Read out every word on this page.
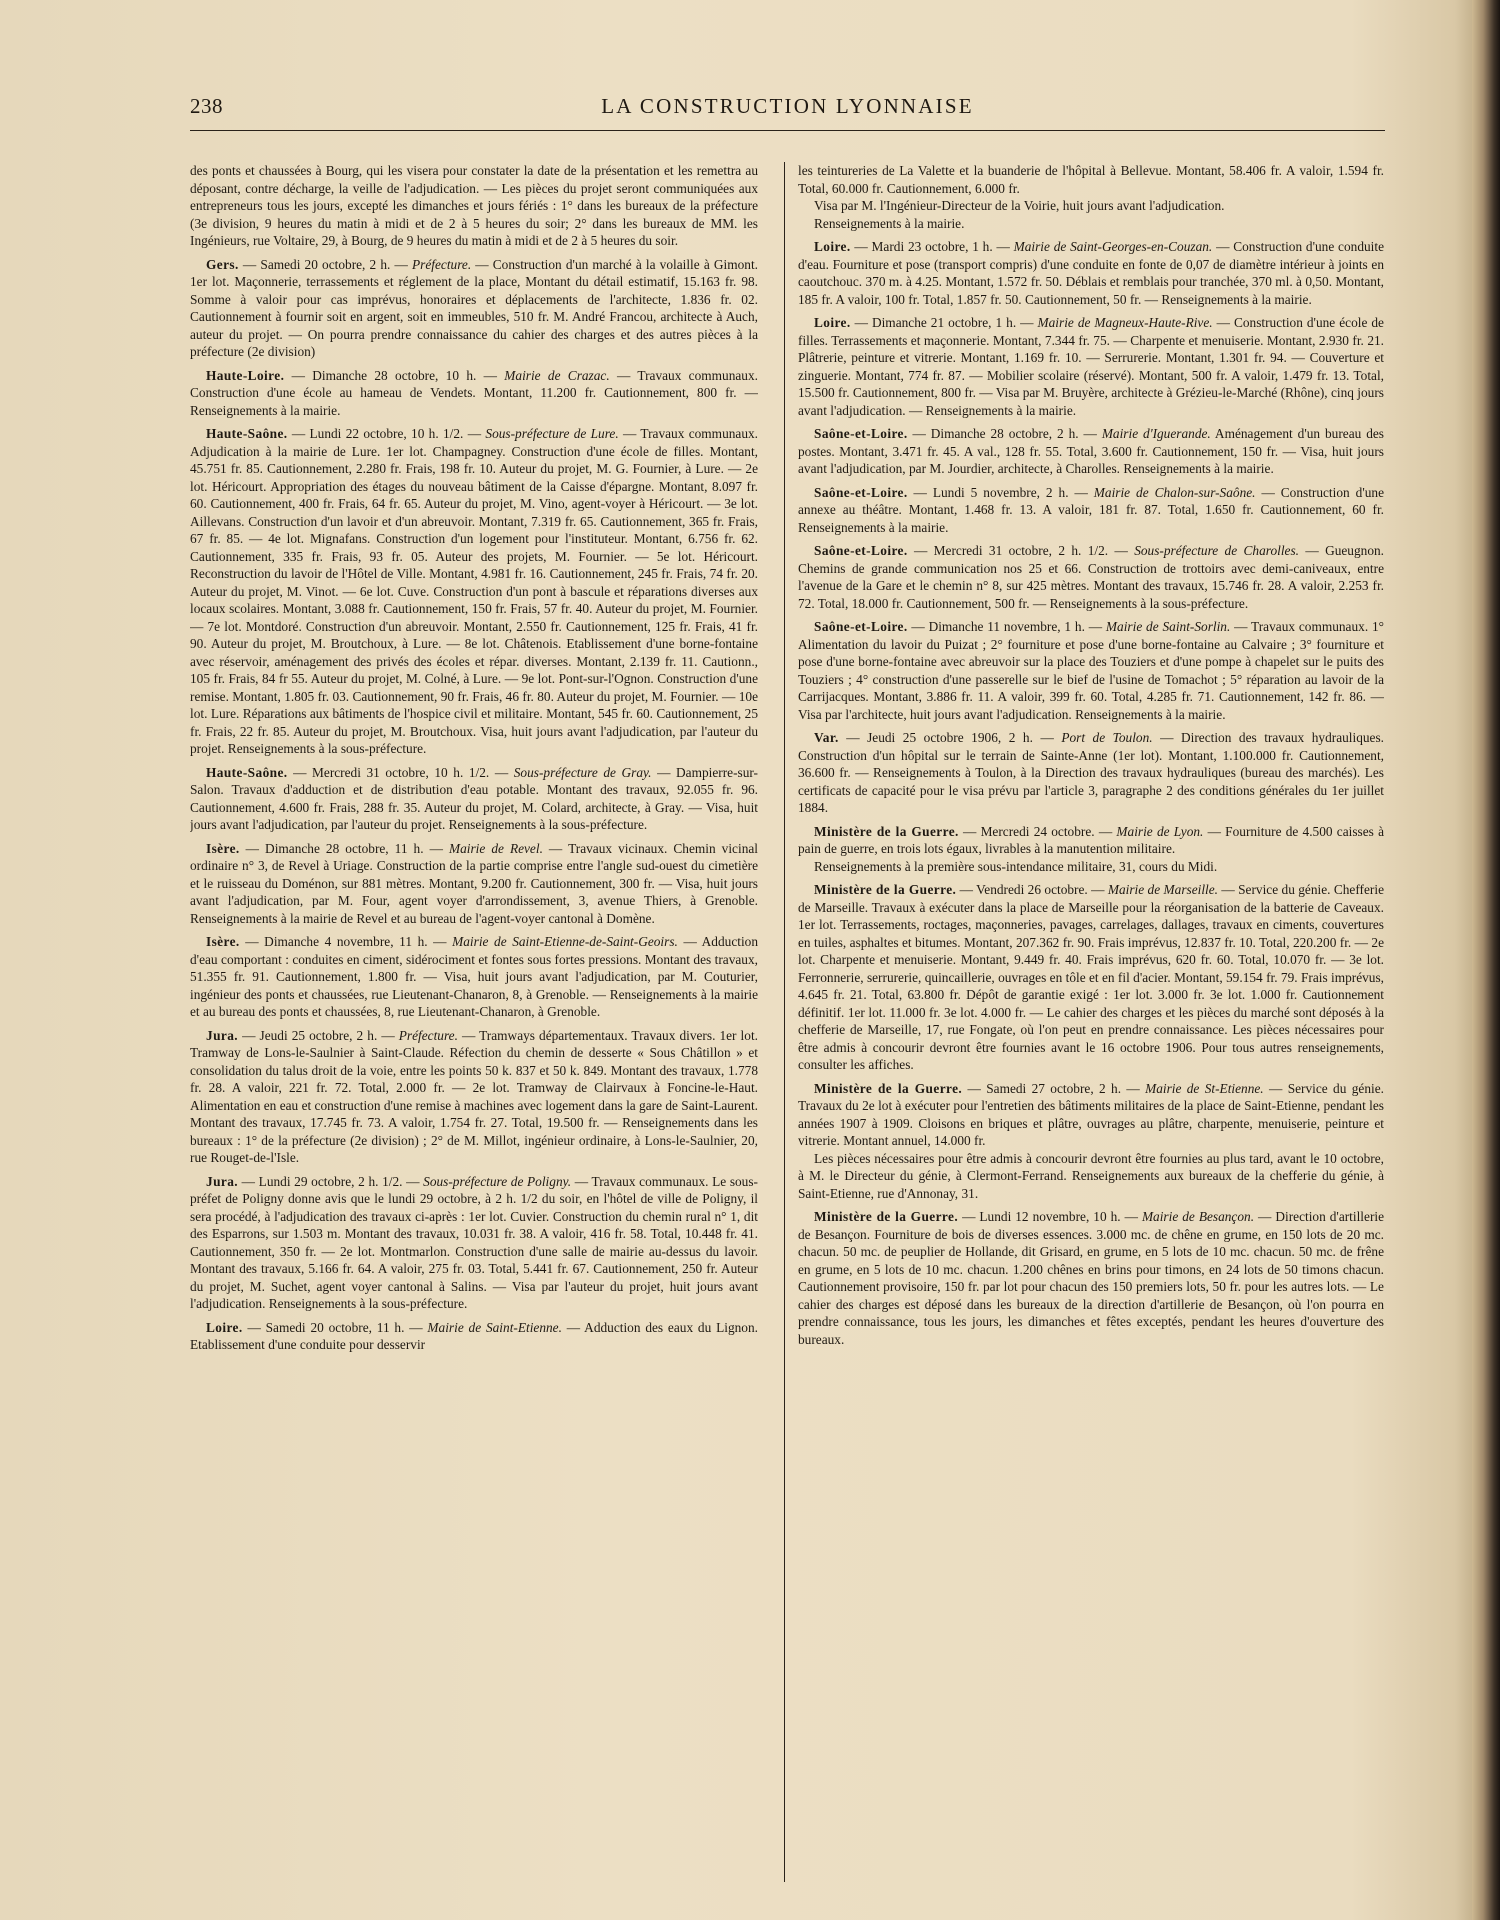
238	LA CONSTRUCTION LYONNAISE

des ponts et chaussées à Bourg, qui les visera pour constater la date de la présentation et les remettra au déposant, contre décharge, la veille de l'adjudication. — Les pièces du projet seront communiquées aux entrepreneurs tous les jours, excepté les dimanches et jours fériés : 1° dans les bureaux de la préfecture (3e division, 9 heures du matin à midi et de 2 à 5 heures du soir; 2° dans les bureaux de MM. les Ingénieurs, rue Voltaire, 29, à Bourg, de 9 heures du matin à midi et de 2 à 5 heures du soir.

Gers. — Samedi 20 octobre, 2 h. — Préfecture. — Construction d'un marché à la volaille à Gimont. 1er lot. Maçonnerie, terrassements et réglement de la place, Montant du détail estimatif, 15.163 fr. 98. Somme à valoir pour cas imprévus, honoraires et déplacements de l'architecte, 1.836 fr. 02. Cautionnement à fournir soit en argent, soit en immeubles, 510 fr. M. André Francou, architecte à Auch, auteur du projet. — On pourra prendre connaissance du cahier des charges et des autres pièces à la préfecture (2e division)

Haute-Loire. — Dimanche 28 octobre, 10 h. — Mairie de Crazac. — Travaux communaux. Construction d'une école au hameau de Vendets. Montant, 11.200 fr. Cautionnement, 800 fr. — Renseignements à la mairie.

Haute-Saône. — Lundi 22 octobre, 10 h. 1/2. — Sous-préfecture de Lure. — Travaux communaux. Adjudication à la mairie de Lure. 1er lot. Champagney. Construction d'une école de filles. Montant, 45.751 fr. 85. Cautionnement, 2.280 fr. Frais, 198 fr. 10. Auteur du projet, M. G. Fournier, à Lure. — 2e lot. Héricourt. Appropriation des étages du nouveau bâtiment de la Caisse d'épargne. Montant, 8.097 fr. 60. Cautionnement, 400 fr. Frais, 64 fr. 65. Auteur du projet, M. Vino, agent-voyer à Héricourt. — 3e lot. Aillevans. Construction d'un lavoir et d'un abreuvoir. Montant, 7.319 fr. 65. Cautionnement, 365 fr. Frais, 67 fr. 85. — 4e lot. Mignafans. Construction d'un logement pour l'instituteur. Montant, 6.756 fr. 62. Cautionnement, 335 fr. Frais, 93 fr. 05. Auteur des projets, M. Fournier. — 5e lot. Héricourt. Reconstruction du lavoir de l'Hôtel de Ville. Montant, 4.981 fr. 16. Cautionnement, 245 fr. Frais, 74 fr. 20. Auteur du projet, M. Vinot. — 6e lot. Cuve. Construction d'un pont à bascule et réparations diverses aux locaux scolaires. Montant, 3.088 fr. Cautionnement, 150 fr. Frais, 57 fr. 40. Auteur du projet, M. Fournier. — 7e lot. Montdoré. Construction d'un abreuvoir. Montant, 2.550 fr. Cautionnement, 125 fr. Frais, 41 fr. 90. Auteur du projet, M. Broutchoux, à Lure. — 8e lot. Châtenois. Etablissement d'une borne-fontaine avec réservoir, aménagement des privés des écoles et répar. diverses. Montant, 2.139 fr. 11. Cautionn., 105 fr. Frais, 84 fr 55. Auteur du projet, M. Colné, à Lure. — 9e lot. Pont-sur-l'Ognon. Construction d'une remise. Montant, 1.805 fr. 03. Cautionnement, 90 fr. Frais, 46 fr. 80. Auteur du projet, M. Fournier. — 10e lot. Lure. Réparations aux bâtiments de l'hospice civil et militaire. Montant, 545 fr. 60. Cautionnement, 25 fr. Frais, 22 fr. 85. Auteur du projet, M. Broutchoux. Visa, huit jours avant l'adjudication, par l'auteur du projet. Renseignements à la sous-préfecture.

Haute-Saône. — Mercredi 31 octobre, 10 h. 1/2. — Sous-préfecture de Gray. — Dampierre-sur-Salon. Travaux d'adduction et de distribution d'eau potable. Montant des travaux, 92.055 fr. 96. Cautionnement, 4.600 fr. Frais, 288 fr. 35. Auteur du projet, M. Colard, architecte, à Gray. — Visa, huit jours avant l'adjudication, par l'auteur du projet. Renseignements à la sous-préfecture.

Isère. — Dimanche 28 octobre, 11 h. — Mairie de Revel. — Travaux vicinaux. Chemin vicinal ordinaire n° 3, de Revel à Uriage. Construction de la partie comprise entre l'angle sud-ouest du cimetière et le ruisseau du Doménon, sur 881 mètres. Montant, 9.200 fr. Cautionnement, 300 fr. — Visa, huit jours avant l'adjudication, par M. Four, agent voyer d'arrondissement, 3, avenue Thiers, à Grenoble. Renseignements à la mairie de Revel et au bureau de l'agent-voyer cantonal à Domène.

Isère. — Dimanche 4 novembre, 11 h. — Mairie de Saint-Etienne-de-Saint-Geoirs. — Adduction d'eau comportant : conduites en ciment, sidérociment et fontes sous fortes pressions. Montant des travaux, 51.355 fr. 91. Cautionnement, 1.800 fr. — Visa, huit jours avant l'adjudication, par M. Couturier, ingénieur des ponts et chaussées, rue Lieutenant-Chanaron, 8, à Grenoble. — Renseignements à la mairie et au bureau des ponts et chaussées, 8, rue Lieutenant-Chanaron, à Grenoble.

Jura. — Jeudi 25 octobre, 2 h. — Préfecture. — Tramways départementaux. Travaux divers. 1er lot. Tramway de Lons-le-Saulnier à Saint-Claude. Réfection du chemin de desserte « Sous Châtillon » et consolidation du talus droit de la voie, entre les points 50 k. 837 et 50 k. 849. Montant des travaux, 1.778 fr. 28. A valoir, 221 fr. 72. Total, 2.000 fr. — 2e lot. Tramway de Clairvaux à Foncine-le-Haut. Alimentation en eau et construction d'une remise à machines avec logement dans la gare de Saint-Laurent. Montant des travaux, 17.745 fr. 73. A valoir, 1.754 fr. 27. Total, 19.500 fr. — Renseignements dans les bureaux : 1° de la préfecture (2e division) ; 2° de M. Millot, ingénieur ordinaire, à Lons-le-Saulnier, 20, rue Rouget-de-l'Isle.

Jura. — Lundi 29 octobre, 2 h. 1/2. — Sous-préfecture de Poligny. — Travaux communaux. Le sous-préfet de Poligny donne avis que le lundi 29 octobre, à 2 h. 1/2 du soir, en l'hôtel de ville de Poligny, il sera procédé, à l'adjudication des travaux ci-après : 1er lot. Cuvier. Construction du chemin rural n° 1, dit des Esparrons, sur 1.503 m. Montant des travaux, 10.031 fr. 38. A valoir, 416 fr. 58. Total, 10.448 fr. 41. Cautionnement, 350 fr. — 2e lot. Montmarlon. Construction d'une salle de mairie au-dessus du lavoir. Montant des travaux, 5.166 fr. 64. A valoir, 275 fr. 03. Total, 5.441 fr. 67. Cautionnement, 250 fr. Auteur du projet, M. Suchet, agent voyer cantonal à Salins. — Visa par l'auteur du projet, huit jours avant l'adjudication. Renseignements à la sous-préfecture.

Loire. — Samedi 20 octobre, 11 h. — Mairie de Saint-Etienne. — Adduction des eaux du Lignon. Etablissement d'une conduite pour desservir

les teintureries de La Valette et la buanderie de l'hôpital à Bellevue. Montant, 58.406 fr. A valoir, 1.594 fr. Total, 60.000 fr. Cautionnement, 6.000 fr.

Visa par M. l'Ingénieur-Directeur de la Voirie, huit jours avant l'adjudication.

Renseignements à la mairie.

Loire. — Mardi 23 octobre, 1 h. — Mairie de Saint-Georges-en-Couzan. — Construction d'une conduite d'eau. Fourniture et pose (transport compris) d'une conduite en fonte de 0,07 de diamètre intérieur à joints en caoutchouc. 370 m. à 4.25. Montant, 1.572 fr. 50. Déblais et remblais pour tranchée, 370 ml. à 0,50. Montant, 185 fr. A valoir, 100 fr. Total, 1.857 fr. 50. Cautionnement, 50 fr. — Renseignements à la mairie.

Loire. — Dimanche 21 octobre, 1 h. — Mairie de Magneux-Haute-Rive. — Construction d'une école de filles. Terrassements et maçonnerie. Montant, 7.344 fr. 75. — Charpente et menuiserie. Montant, 2.930 fr. 21. Plâtrerie, peinture et vitrerie. Montant, 1.169 fr. 10. — Serrurerie. Montant, 1.301 fr. 94. — Couverture et zinguerie. Montant, 774 fr. 87. — Mobilier scolaire (réservé). Montant, 500 fr. A valoir, 1.479 fr. 13. Total, 15.500 fr. Cautionnement, 800 fr. — Visa par M. Bruyère, architecte à Grézieu-le-Marché (Rhône), cinq jours avant l'adjudication. — Renseignements à la mairie.

Saône-et-Loire. — Dimanche 28 octobre, 2 h. — Mairie d'Iguerande. Aménagement d'un bureau des postes. Montant, 3.471 fr. 45. A val., 128 fr. 55. Total, 3.600 fr. Cautionnement, 150 fr. — Visa, huit jours avant l'adjudication, par M. Jourdier, architecte, à Charolles. Renseignements à la mairie.

Saône-et-Loire. — Lundi 5 novembre, 2 h. — Mairie de Chalon-sur-Saône. — Construction d'une annexe au théâtre. Montant, 1.468 fr. 13. A valoir, 181 fr. 87. Total, 1.650 fr. Cautionnement, 60 fr. Renseignements à la mairie.

Saône-et-Loire. — Mercredi 31 octobre, 2 h. 1/2. — Sous-préfecture de Charolles. — Gueugnon. Chemins de grande communication nos 25 et 66. Construction de trottoirs avec demi-caniveaux, entre l'avenue de la Gare et le chemin n° 8, sur 425 mètres. Montant des travaux, 15.746 fr. 28. A valoir, 2.253 fr. 72. Total, 18.000 fr. Cautionnement, 500 fr. — Renseignements à la sous-préfecture.

Saône-et-Loire. — Dimanche 11 novembre, 1 h. — Mairie de Saint-Sorlin. — Travaux communaux. 1° Alimentation du lavoir du Puizat ; 2° fourniture et pose d'une borne-fontaine au Calvaire ; 3° fourniture et pose d'une borne-fontaine avec abreuvoir sur la place des Touziers et d'une pompe à chapelet sur le puits des Touziers ; 4° construction d'une passerelle sur le bief de l'usine de Tomachot ; 5° réparation au lavoir de la Carrijacques. Montant, 3.886 fr. 11. A valoir, 399 fr. 60. Total, 4.285 fr. 71. Cautionnement, 142 fr. 86. — Visa par l'architecte, huit jours avant l'adjudication. Renseignements à la mairie.

Var. — Jeudi 25 octobre 1906, 2 h. — Port de Toulon. — Direction des travaux hydrauliques. Construction d'un hôpital sur le terrain de Sainte-Anne (1er lot). Montant, 1.100.000 fr. Cautionnement, 36.600 fr. — Renseignements à Toulon, à la Direction des travaux hydrauliques (bureau des marchés). Les certificats de capacité pour le visa prévu par l'article 3, paragraphe 2 des conditions générales du 1er juillet 1884.

Ministère de la Guerre. — Mercredi 24 octobre. — Mairie de Lyon. — Fourniture de 4.500 caisses à pain de guerre, en trois lots égaux, livrables à la manutention militaire.

Renseignements à la première sous-intendance militaire, 31, cours du Midi.

Ministère de la Guerre. — Vendredi 26 octobre. — Mairie de Marseille. — Service du génie. Chefferie de Marseille. Travaux à exécuter dans la place de Marseille pour la réorganisation de la batterie de Caveaux. 1er lot. Terrassements, roctages, maçonneries, pavages, carrelages, dallages, travaux en ciments, couvertures en tuiles, asphaltes et bitumes. Montant, 207.362 fr. 90. Frais imprévus, 12.837 fr. 10. Total, 220.200 fr. — 2e lot. Charpente et menuiserie. Montant, 9.449 fr. 40. Frais imprévus, 620 fr. 60. Total, 10.070 fr. — 3e lot. Ferronnerie, serrurerie, quincaillerie, ouvrages en tôle et en fil d'acier. Montant, 59.154 fr. 79. Frais imprévus, 4.645 fr. 21. Total, 63.800 fr. Dépôt de garantie exigé : 1er lot. 3.000 fr. 3e lot. 1.000 fr. Cautionnement définitif. 1er lot. 11.000 fr. 3e lot. 4.000 fr. — Le cahier des charges et les pièces du marché sont déposés à la chefferie de Marseille, 17, rue Fongate, où l'on peut en prendre connaissance. Les pièces nécessaires pour être admis à concourir devront être fournies avant le 16 octobre 1906. Pour tous autres renseignements, consulter les affiches.

Ministère de la Guerre. — Samedi 27 octobre, 2 h. — Mairie de St-Etienne. — Service du génie. Travaux du 2e lot à exécuter pour l'entretien des bâtiments militaires de la place de Saint-Etienne, pendant les années 1907 à 1909. Cloisons en briques et plâtre, ouvrages au plâtre, charpente, menuiserie, peinture et vitrerie. Montant annuel, 14.000 fr.

Les pièces nécessaires pour être admis à concourir devront être fournies au plus tard, avant le 10 octobre, à M. le Directeur du génie, à Clermont-Ferrand. Renseignements aux bureaux de la chefferie du génie, à Saint-Etienne, rue d'Annonay, 31.

Ministère de la Guerre. — Lundi 12 novembre, 10 h. — Mairie de Besançon. — Direction d'artillerie de Besançon. Fourniture de bois de diverses essences. 3.000 mc. de chêne en grume, en 150 lots de 20 mc. chacun. 50 mc. de peuplier de Hollande, dit Grisard, en grume, en 5 lots de 10 mc. chacun. 50 mc. de frêne en grume, en 5 lots de 10 mc. chacun. 1.200 chênes en brins pour timons, en 24 lots de 50 timons chacun. Cautionnement provisoire, 150 fr. par lot pour chacun des 150 premiers lots, 50 fr. pour les autres lots. — Le cahier des charges est déposé dans les bureaux de la direction d'artillerie de Besançon, où l'on pourra en prendre connaissance, tous les jours, les dimanches et fêtes exceptés, pendant les heures d'ouverture des bureaux.
